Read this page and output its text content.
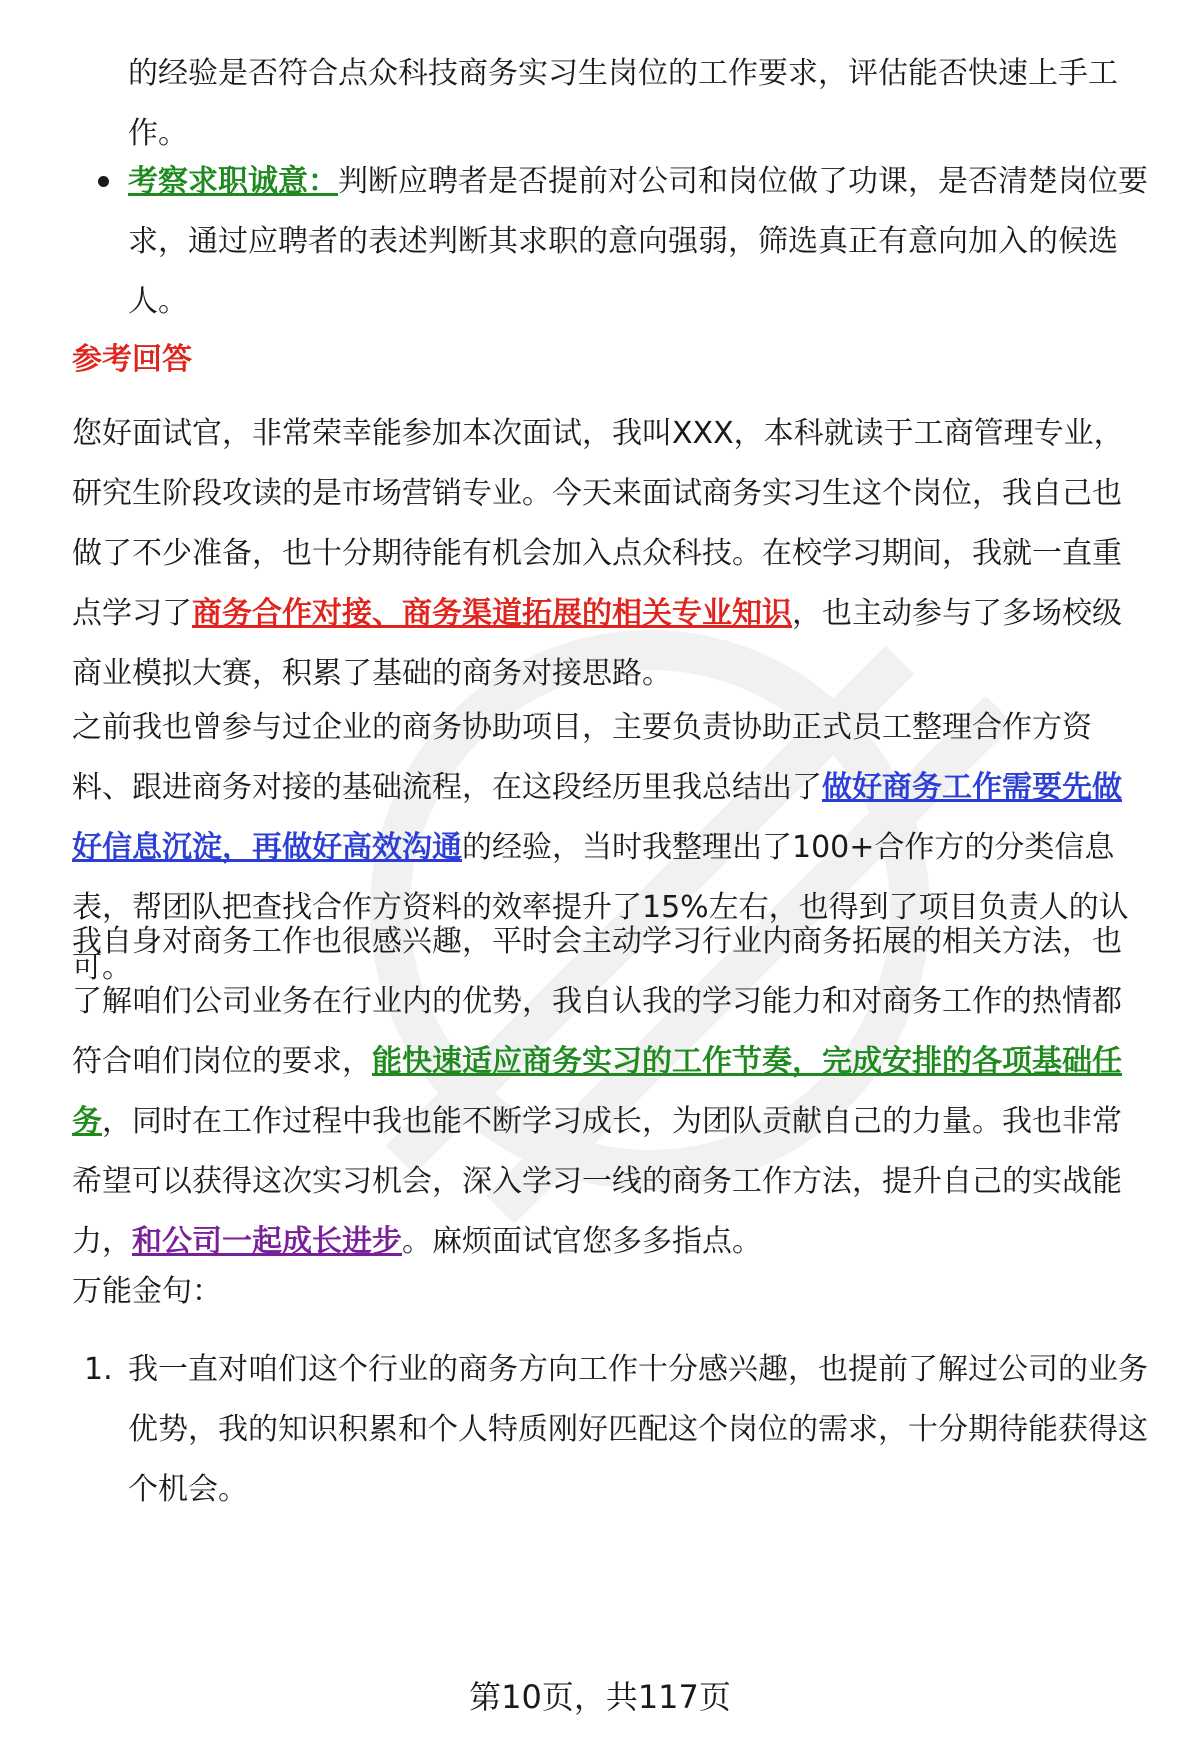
的经验是否符合点众科技商务实习生岗位的工作要求，评估能否快速上手工作。

考察求职诚意：判断应聘者是否提前对公司和岗位做了功课，是否清楚岗位要求，通过应聘者的表述判断其求职的意向强弱，筛选真正有意向加入的候选人。

参考回答

您好面试官，非常荣幸能参加本次面试，我叫XXX，本科就读于工商管理专业，研究生阶段攻读的是市场营销专业。今天来面试商务实习生这个岗位，我自己也做了不少准备，也十分期待能有机会加入点众科技。在校学习期间，我就一直重点学习了商务合作对接、商务渠道拓展的相关专业知识，也主动参与了多场校级商业模拟大赛，积累了基础的商务对接思路。

之前我也曾参与过企业的商务协助项目，主要负责协助正式员工整理合作方资料、跟进商务对接的基础流程，在这段经历里我总结出了做好商务工作需要先做好信息沉淀，再做好高效沟通的经验，当时我整理出了100+合作方的分类信息表，帮团队把查找合作方资料的效率提升了15%左右，也得到了项目负责人的认可。

我自身对商务工作也很感兴趣，平时会主动学习行业内商务拓展的相关方法，也了解咱们公司业务在行业内的优势，我自认我的学习能力和对商务工作的热情都符合咱们岗位的要求，能快速适应商务实习的工作节奏，完成安排的各项基础任务，同时在工作过程中我也能不断学习成长，为团队贡献自己的力量。我也非常希望可以获得这次实习机会，深入学习一线的商务工作方法，提升自己的实战能力，和公司一起成长进步。麻烦面试官您多多指点。

万能金句：

1. 我一直对咱们这个行业的商务方向工作十分感兴趣，也提前了解过公司的业务优势，我的知识积累和个人特质刚好匹配这个岗位的需求，十分期待能获得这个机会。

第10页，共117页
